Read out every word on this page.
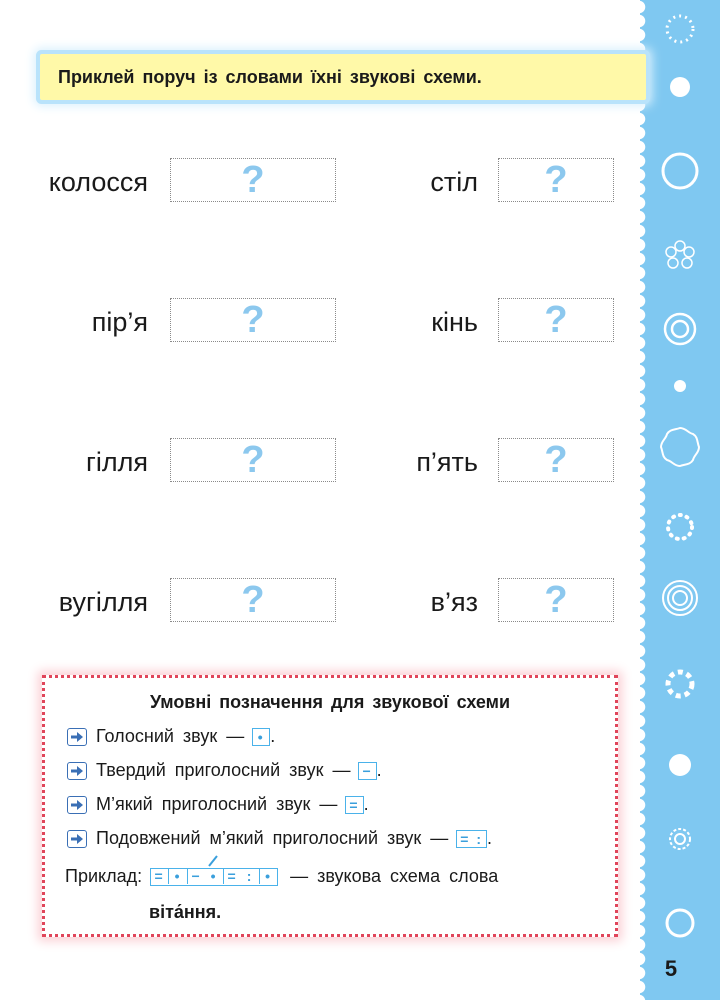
Приклей поруч із словами їхні звукові схеми.
колосся ?
пір’я ?
гілля ?
вугілля ?
стіл ?
кінь ?
п’ять ?
в’яз ?
Умовні позначення для звукової схеми
Голосний звук — • .
Твердий приголосний звук — − .
М’який приголосний звук — = .
Подовжений м’який приголосний звук — = : .
Приклад: = • − • = : • — звукова схема слова
віта́ння.
5
